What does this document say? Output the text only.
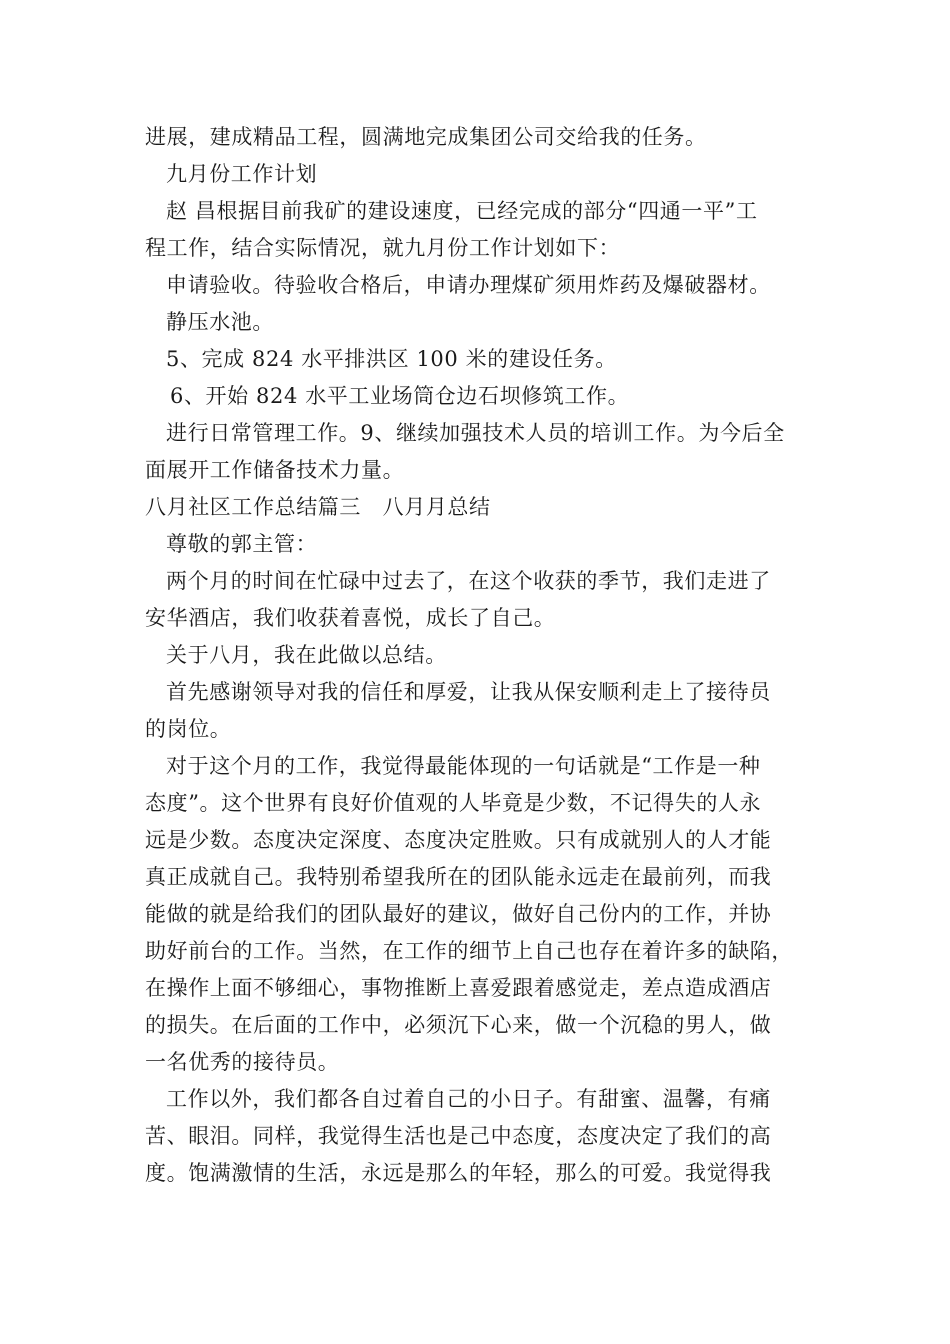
进展，建成精品工程，圆满地完成集团公司交给我的任务。
九月份工作计划
赵 昌根据目前我矿的建设速度，已经完成的部分“四通一平”工
程工作，结合实际情况，就九月份工作计划如下：
申请验收。待验收合格后，申请办理煤矿须用炸药及爆破器材。
静压水池。
5、完成 824 水平排洪区 100 米的建设任务。
6、开始 824 水平工业场筒仓边石坝修筑工作。
进行日常管理工作。9、继续加强技术人员的培训工作。为今后全
面展开工作储备技术力量。
八月社区工作总结篇三　八月月总结
尊敬的郭主管：
两个月的时间在忙碌中过去了，在这个收获的季节，我们走进了
安华酒店，我们收获着喜悦，成长了自己。
关于八月，我在此做以总结。
首先感谢领导对我的信任和厚爱，让我从保安顺利走上了接待员
的岗位。
对于这个月的工作，我觉得最能体现的一句话就是“工作是一种
态度”。这个世界有良好价值观的人毕竟是少数，不记得失的人永
远是少数。态度决定深度、态度决定胜败。只有成就别人的人才能
真正成就自己。我特别希望我所在的团队能永远走在最前列，而我
能做的就是给我们的团队最好的建议，做好自己份内的工作，并协
助好前台的工作。当然，在工作的细节上自己也存在着许多的缺陷，
在操作上面不够细心，事物推断上喜爱跟着感觉走，差点造成酒店
的损失。在后面的工作中，必须沉下心来，做一个沉稳的男人，做
一名优秀的接待员。
工作以外，我们都各自过着自己的小日子。有甜蜜、温馨，有痛
苦、眼泪。同样，我觉得生活也是己中态度，态度决定了我们的高
度。饱满激情的生活，永远是那么的年轻，那么的可爱。我觉得我
